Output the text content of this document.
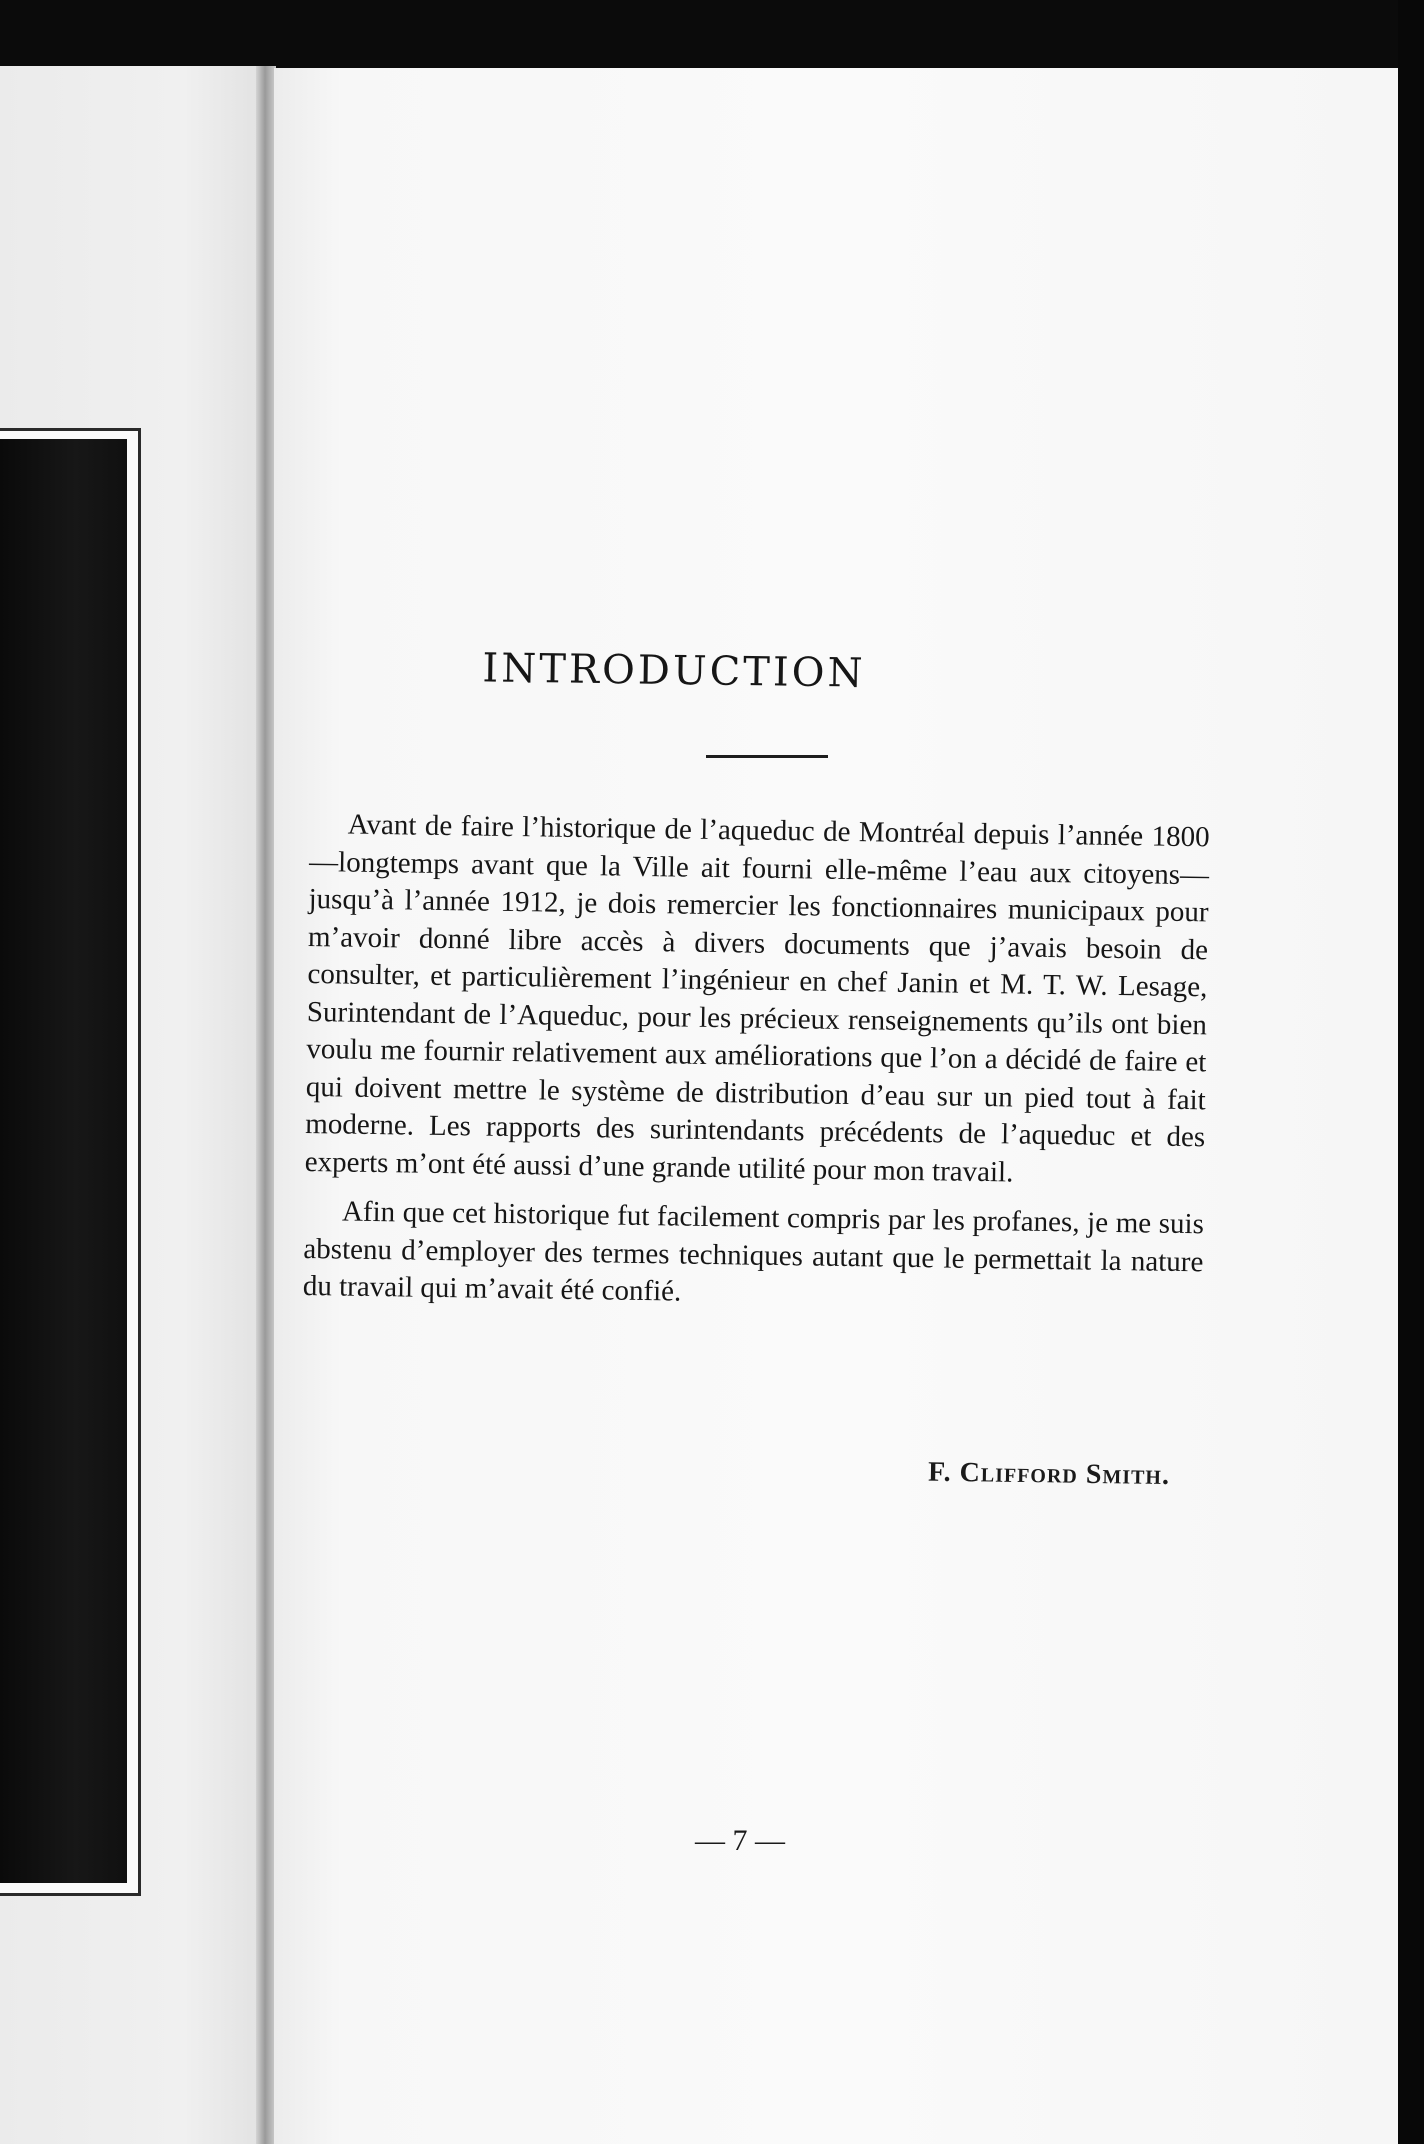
INTRODUCTION

Avant de faire l’historique de l’aqueduc de Montréal depuis l’année 1800—longtemps avant que la Ville ait fourni elle-même l’eau aux citoyens—jusqu’à l’année 1912, je dois remercier les fonctionnaires municipaux pour m’avoir donné libre accès à divers documents que j’avais besoin de consulter, et particulièrement l’ingénieur en chef Janin et M. T. W. Lesage, Surintendant de l’Aqueduc, pour les précieux renseignements qu’ils ont bien voulu me fournir relativement aux améliorations que l’on a décidé de faire et qui doivent mettre le système de distribution d’eau sur un pied tout à fait moderne. Les rapports des surintendants précédents de l’aqueduc et des experts m’ont été aussi d’une grande utilité pour mon travail.

Afin que cet historique fut facilement compris par les profanes, je me suis abstenu d’employer des termes techniques autant que le permettait la nature du travail qui m’avait été confié.

F. Clifford Smith.
— 7 —
